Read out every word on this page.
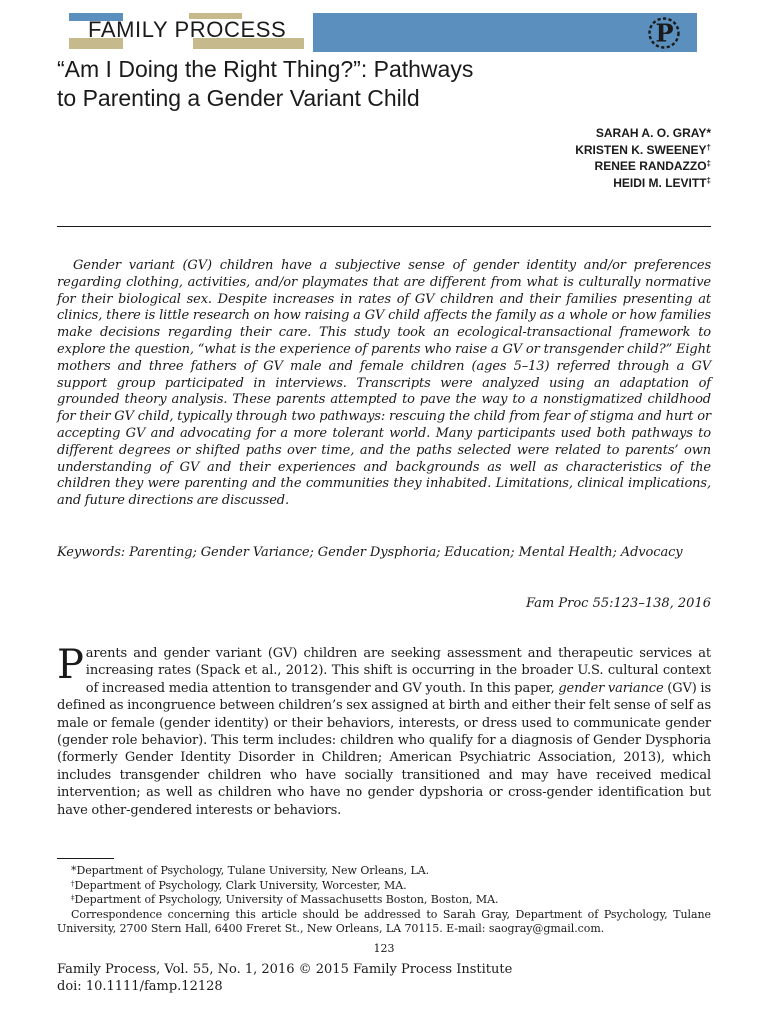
FAMILY PROCESS	P
“Am I Doing the Right Thing?”: Pathways
to Parenting a Gender Variant Child
SARAH A. O. GRAY*
KRISTEN K. SWEENEY†
RENEE RANDAZZO‡
HEIDI M. LEVITT‡

Gender variant (GV) children have a subjective sense of gender identity and/or preferences regarding clothing, activities, and/or playmates that are different from what is culturally normative for their biological sex. Despite increases in rates of GV children and their families presenting at clinics, there is little research on how raising a GV child affects the family as a whole or how families make decisions regarding their care. This study took an ecological-transactional framework to explore the question, “what is the experience of parents who raise a GV or transgender child?” Eight mothers and three fathers of GV male and female children (ages 5–13) referred through a GV support group participated in interviews. Transcripts were analyzed using an adaptation of grounded theory analysis. These parents attempted to pave the way to a nonstigmatized childhood for their GV child, typically through two pathways: rescuing the child from fear of stigma and hurt or accepting GV and advocating for a more tolerant world. Many participants used both pathways to different degrees or shifted paths over time, and the paths selected were related to parents’ own understanding of GV and their experiences and backgrounds as well as characteristics of the children they were parenting and the communities they inhabited. Limitations, clinical implications, and future directions are discussed.

Keywords: Parenting; Gender Variance; Gender Dysphoria; Education; Mental Health; Advocacy
Fam Proc 55:123–138, 2016

Parents and gender variant (GV) children are seeking assessment and therapeutic services at increasing rates (Spack et al., 2012). This shift is occurring in the broader U.S. cultural context of increased media attention to transgender and GV youth. In this paper, gender variance (GV) is defined as incongruence between children’s sex assigned at birth and either their felt sense of self as male or female (gender identity) or their behaviors, interests, or dress used to communicate gender (gender role behavior). This term includes: children who qualify for a diagnosis of Gender Dysphoria (formerly Gender Identity Disorder in Children; American Psychiatric Association, 2013), which includes transgender children who have socially transitioned and may have received medical intervention; as well as children who have no gender dypshoria or cross-gender identification but have other-gendered interests or behaviors.

*Department of Psychology, Tulane University, New Orleans, LA.
†Department of Psychology, Clark University, Worcester, MA.
‡Department of Psychology, University of Massachusetts Boston, Boston, MA.
Correspondence concerning this article should be addressed to Sarah Gray, Department of Psychology, Tulane University, 2700 Stern Hall, 6400 Freret St., New Orleans, LA 70115. E-mail: saogray@gmail.com.
123
Family Process, Vol. 55, No. 1, 2016 © 2015 Family Process Institute
doi: 10.1111/famp.12128
